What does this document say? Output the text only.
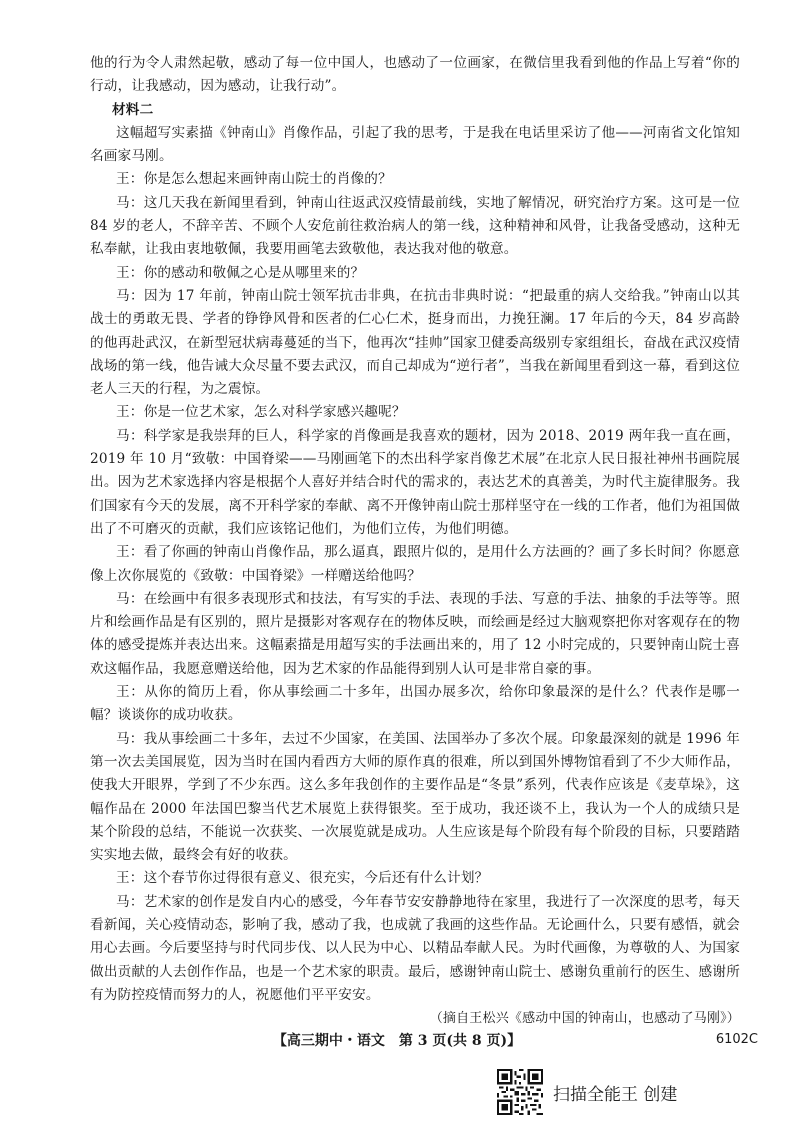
他的行为令人肃然起敬，感动了每一位中国人，也感动了一位画家，在微信里我看到他的作品上写着“你的行动，让我感动，因为感动，让我行动”。

材料二

这幅超写实素描《钟南山》肖像作品，引起了我的思考，于是我在电话里采访了他——河南省文化馆知名画家马刚。

王：你是怎么想起来画钟南山院士的肖像的？

马：这几天我在新闻里看到，钟南山往返武汉疫情最前线，实地了解情况，研究治疗方案。这可是一位 84 岁的老人，不辞辛苦、不顾个人安危前往救治病人的第一线，这种精神和风骨，让我备受感动，这种无私奉献，让我由衷地敬佩，我要用画笔去致敬他，表达我对他的敬意。

王：你的感动和敬佩之心是从哪里来的？

马：因为 17 年前，钟南山院士领军抗击非典，在抗击非典时说：“把最重的病人交给我。”钟南山以其战士的勇敢无畏、学者的铮铮风骨和医者的仁心仁术，挺身而出，力挽狂澜。17 年后的今天，84 岁高龄的他再赴武汉，在新型冠状病毒蔓延的当下，他再次“挂帅”国家卫健委高级别专家组组长，奋战在武汉疫情战场的第一线，他告诫大众尽量不要去武汉，而自己却成为“逆行者”，当我在新闻里看到这一幕，看到这位老人三天的行程，为之震惊。

王：你是一位艺术家，怎么对科学家感兴趣呢？

马：科学家是我崇拜的巨人，科学家的肖像画是我喜欢的题材，因为 2018、2019 两年我一直在画，2019 年 10 月“致敬：中国脊梁——马刚画笔下的杰出科学家肖像艺术展”在北京人民日报社神州书画院展出。因为艺术家选择内容是根据个人喜好并结合时代的需求的，表达艺术的真善美，为时代主旋律服务。我们国家有今天的发展，离不开科学家的奉献、离不开像钟南山院士那样坚守在一线的工作者，他们为祖国做出了不可磨灭的贡献，我们应该铭记他们，为他们立传，为他们明德。

王：看了你画的钟南山肖像作品，那么逼真，跟照片似的，是用什么方法画的？画了多长时间？你愿意像上次你展览的《致敬：中国脊梁》一样赠送给他吗？

马：在绘画中有很多表现形式和技法，有写实的手法、表现的手法、写意的手法、抽象的手法等等。照片和绘画作品是有区别的，照片是摄影对客观存在的物体反映，而绘画是经过大脑观察把你对客观存在的物体的感受提炼并表达出来。这幅素描是用超写实的手法画出来的，用了 12 小时完成的，只要钟南山院士喜欢这幅作品，我愿意赠送给他，因为艺术家的作品能得到别人认可是非常自豪的事。

王：从你的简历上看，你从事绘画二十多年，出国办展多次，给你印象最深的是什么？代表作是哪一幅？谈谈你的成功收获。

马：我从事绘画二十多年，去过不少国家，在美国、法国举办了多次个展。印象最深刻的就是 1996 年第一次去美国展览，因为当时在国内看西方大师的原作真的很难，所以到国外博物馆看到了不少大师作品，使我大开眼界，学到了不少东西。这么多年我创作的主要作品是“冬景”系列，代表作应该是《麦草垛》，这幅作品在 2000 年法国巴黎当代艺术展览上获得银奖。至于成功，我还谈不上，我认为一个人的成绩只是某个阶段的总结，不能说一次获奖、一次展览就是成功。人生应该是每个阶段有每个阶段的目标，只要踏踏实实地去做，最终会有好的收获。

王：这个春节你过得很有意义、很充实，今后还有什么计划？

马：艺术家的创作是发自内心的感受，今年春节安安静静地待在家里，我进行了一次深度的思考，每天看新闻，关心疫情动态，影响了我，感动了我，也成就了我画的这些作品。无论画什么，只要有感悟，就会用心去画。今后要坚持与时代同步伐、以人民为中心、以精品奉献人民。为时代画像，为尊敬的人、为国家做出贡献的人去创作作品，也是一个艺术家的职责。最后，感谢钟南山院士、感谢负重前行的医生、感谢所有为防控疫情而努力的人，祝愿他们平平安安。

（摘自王松兴《感动中国的钟南山，也感动了马刚》）

【高三期中・语文　第 3 页(共 8 页)】	6102C
扫描全能王 创建
